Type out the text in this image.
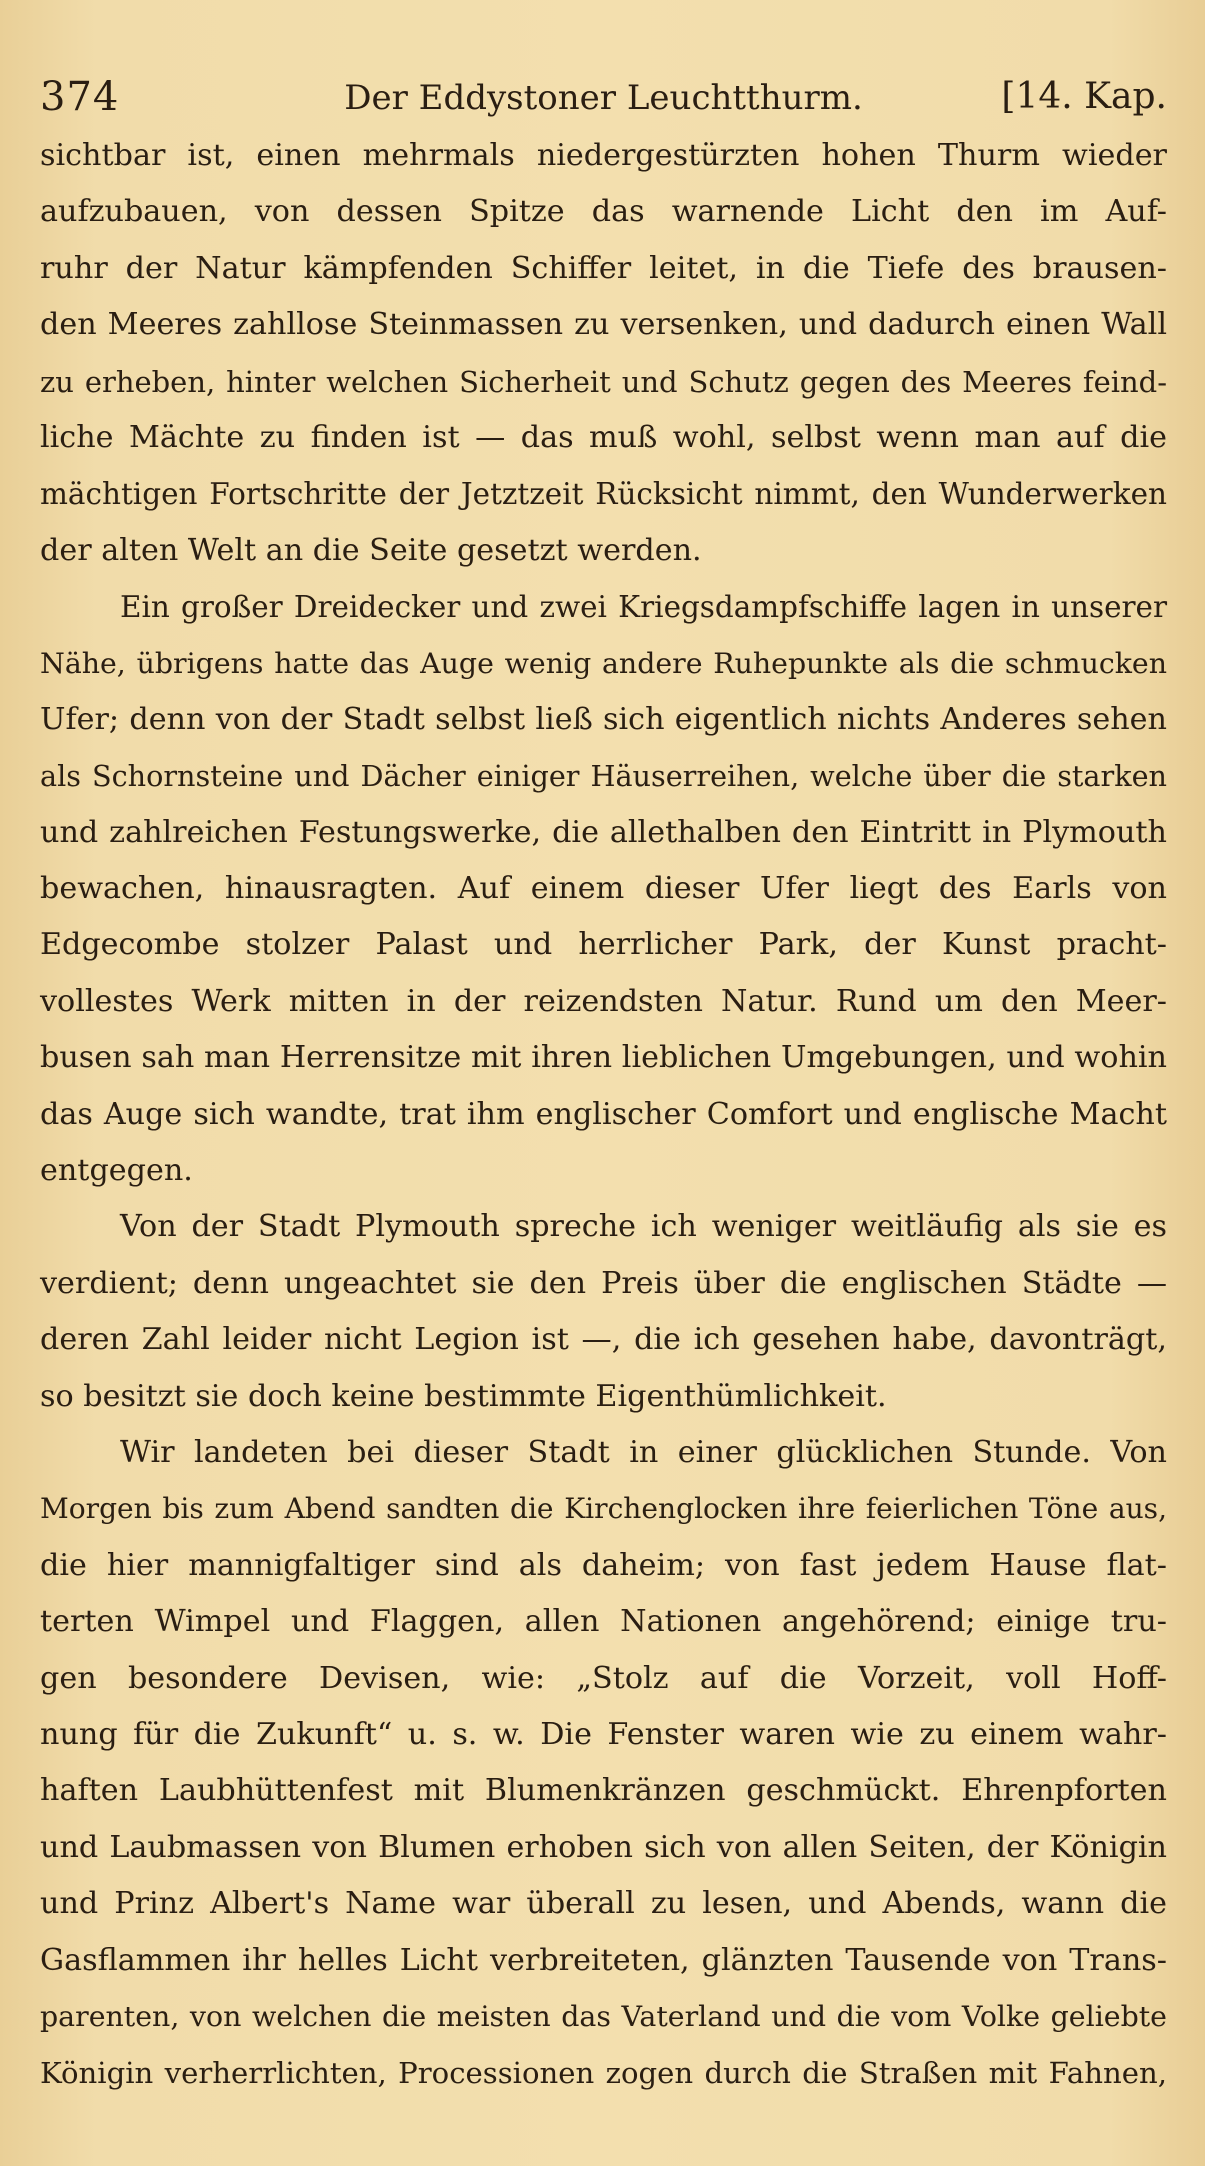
374	Der Eddystoner Leuchtthurm.	[14. Kap.
sichtbar ist, einen mehrmals niedergestürzten hohen Thurm wieder
aufzubauen, von dessen Spitze das warnende Licht den im Auf-
ruhr der Natur kämpfenden Schiffer leitet, in die Tiefe des brausen-
den Meeres zahllose Steinmassen zu versenken, und dadurch einen Wall
zu erheben, hinter welchen Sicherheit und Schutz gegen des Meeres feind-
liche Mächte zu finden ist — das muß wohl, selbst wenn man auf die
mächtigen Fortschritte der Jetztzeit Rücksicht nimmt, den Wunderwerken
der alten Welt an die Seite gesetzt werden.
Ein großer Dreidecker und zwei Kriegsdampfschiffe lagen in unserer
Nähe, übrigens hatte das Auge wenig andere Ruhepunkte als die schmucken
Ufer; denn von der Stadt selbst ließ sich eigentlich nichts Anderes sehen
als Schornsteine und Dächer einiger Häuserreihen, welche über die starken
und zahlreichen Festungswerke, die allethalben den Eintritt in Plymouth
bewachen, hinausragten. Auf einem dieser Ufer liegt des Earls von
Edgecombe stolzer Palast und herrlicher Park, der Kunst pracht-
vollestes Werk mitten in der reizendsten Natur. Rund um den Meer-
busen sah man Herrensitze mit ihren lieblichen Umgebungen, und wohin
das Auge sich wandte, trat ihm englischer Comfort und englische Macht
entgegen.
Von der Stadt Plymouth spreche ich weniger weitläufig als sie es
verdient; denn ungeachtet sie den Preis über die englischen Städte —
deren Zahl leider nicht Legion ist —, die ich gesehen habe, davonträgt,
so besitzt sie doch keine bestimmte Eigenthümlichkeit.
Wir landeten bei dieser Stadt in einer glücklichen Stunde. Von
Morgen bis zum Abend sandten die Kirchenglocken ihre feierlichen Töne aus,
die hier mannigfaltiger sind als daheim; von fast jedem Hause flat-
terten Wimpel und Flaggen, allen Nationen angehörend; einige tru-
gen besondere Devisen, wie: „Stolz auf die Vorzeit, voll Hoff-
nung für die Zukunft“ u. s. w. Die Fenster waren wie zu einem wahr-
haften Laubhüttenfest mit Blumenkränzen geschmückt. Ehrenpforten
und Laubmassen von Blumen erhoben sich von allen Seiten, der Königin
und Prinz Albert's Name war überall zu lesen, und Abends, wann die
Gasflammen ihr helles Licht verbreiteten, glänzten Tausende von Trans-
parenten, von welchen die meisten das Vaterland und die vom Volke geliebte
Königin verherrlichten, Processionen zogen durch die Straßen mit Fahnen,
